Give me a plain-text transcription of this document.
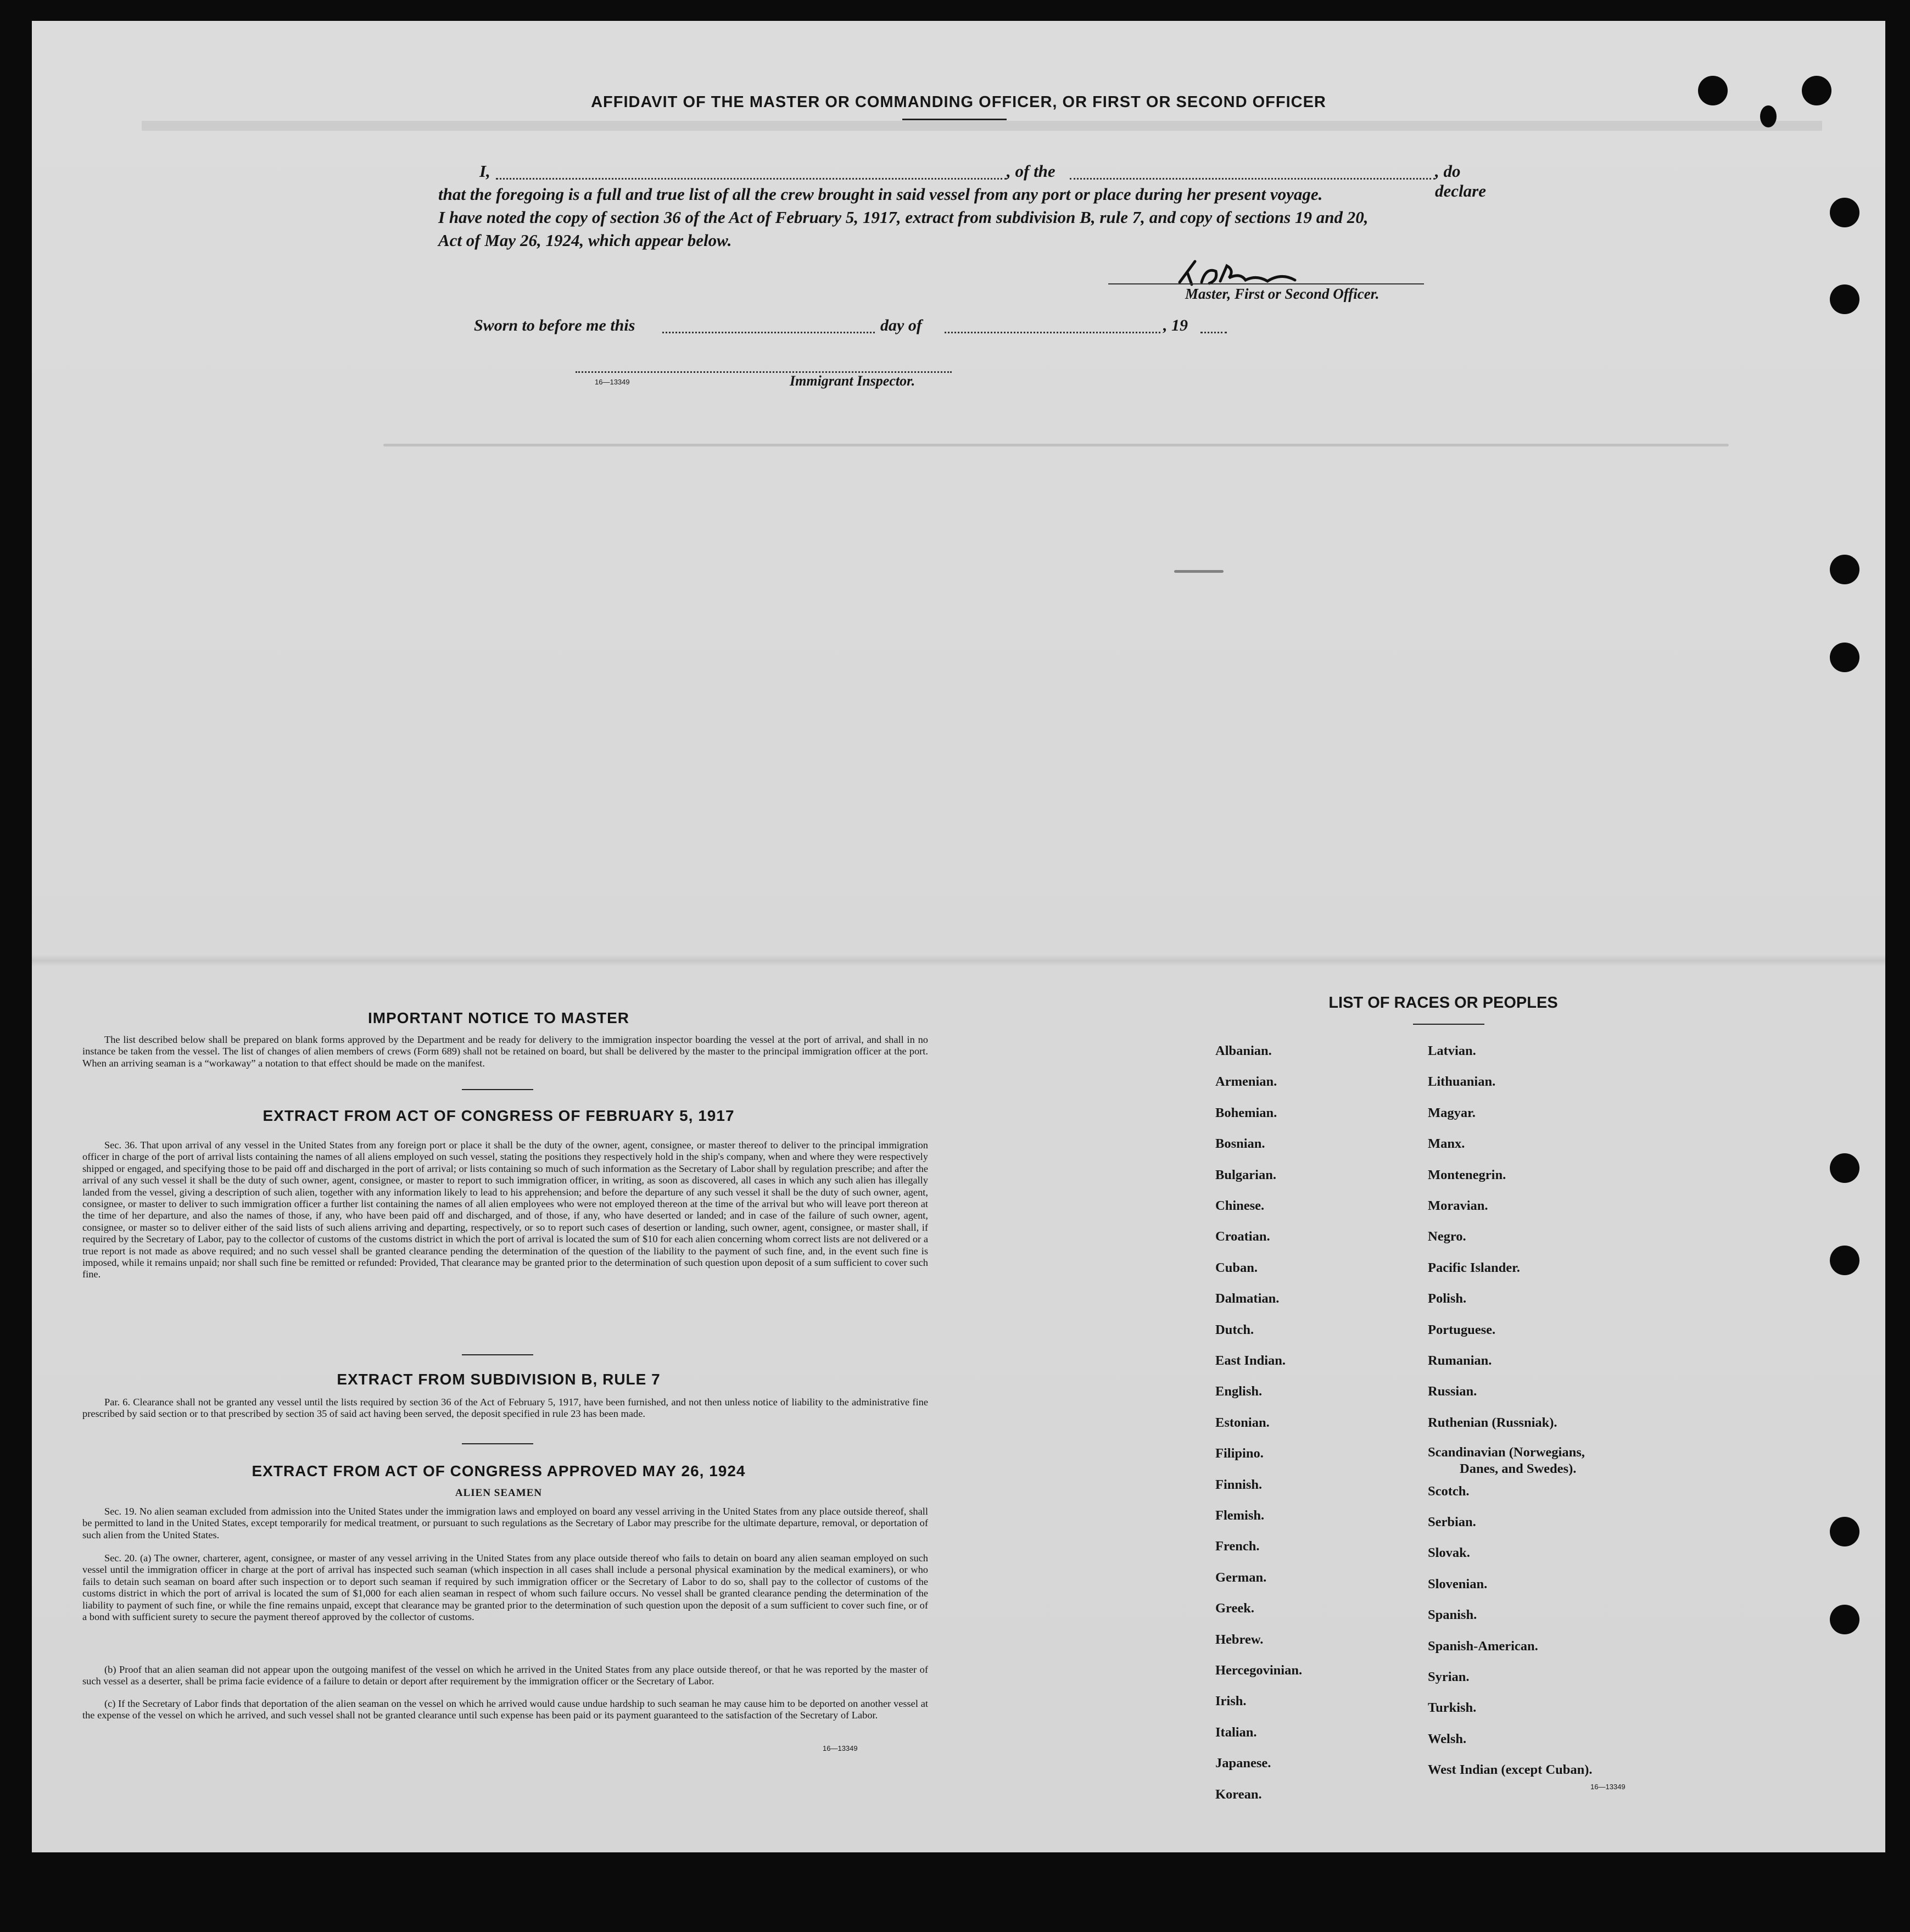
AFFIDAVIT OF THE MASTER OR COMMANDING OFFICER, OR FIRST OR SECOND OFFICER
I,	, of the	, do declare
that the foregoing is a full and true list of all the crew brought in said vessel from any port or place during her present voyage.
I have noted the copy of section 36 of the Act of February 5, 1917, extract from subdivision B, rule 7, and copy of sections 19 and 20,
Act of May 26, 1924, which appear below.
Master, First or Second Officer.
Sworn to before me this	day of	, 19
16—13349	Immigrant Inspector.
IMPORTANT NOTICE TO MASTER
The list described below shall be prepared on blank forms approved by the Department and be ready for delivery to the immigration inspector boarding the vessel at the port of arrival, and shall in no instance be taken from the vessel. The list of changes of alien members of crews (Form 689) shall not be retained on board, but shall be delivered by the master to the principal immigration officer at the port. When an arriving seaman is a “workaway” a notation to that effect should be made on the manifest.
EXTRACT FROM ACT OF CONGRESS OF FEBRUARY 5, 1917
Sec. 36. That upon arrival of any vessel in the United States from any foreign port or place it shall be the duty of the owner, agent, consignee, or master thereof to deliver to the principal immigration officer in charge of the port of arrival lists containing the names of all aliens employed on such vessel, stating the positions they respectively hold in the ship's company, when and where they were respectively shipped or engaged, and specifying those to be paid off and discharged in the port of arrival; or lists containing so much of such information as the Secretary of Labor shall by regulation prescribe; and after the arrival of any such vessel it shall be the duty of such owner, agent, consignee, or master to report to such immigration officer, in writing, as soon as discovered, all cases in which any such alien has illegally landed from the vessel, giving a description of such alien, together with any information likely to lead to his apprehension; and before the departure of any such vessel it shall be the duty of such owner, agent, consignee, or master to deliver to such immigration officer a further list containing the names of all alien employees who were not employed thereon at the time of the arrival but who will leave port thereon at the time of her departure, and also the names of those, if any, who have been paid off and discharged, and of those, if any, who have deserted or landed; and in case of the failure of such owner, agent, consignee, or master so to deliver either of the said lists of such aliens arriving and departing, respectively, or so to report such cases of desertion or landing, such owner, agent, consignee, or master shall, if required by the Secretary of Labor, pay to the collector of customs of the customs district in which the port of arrival is located the sum of $10 for each alien concerning whom correct lists are not delivered or a true report is not made as above required; and no such vessel shall be granted clearance pending the determination of the question of the liability to the payment of such fine, and, in the event such fine is imposed, while it remains unpaid; nor shall such fine be remitted or refunded: Provided, That clearance may be granted prior to the determination of such question upon deposit of a sum sufficient to cover such fine.
EXTRACT FROM SUBDIVISION B, RULE 7
Par. 6. Clearance shall not be granted any vessel until the lists required by section 36 of the Act of February 5, 1917, have been furnished, and not then unless notice of liability to the administrative fine prescribed by said section or to that prescribed by section 35 of said act having been served, the deposit specified in rule 23 has been made.
EXTRACT FROM ACT OF CONGRESS APPROVED MAY 26, 1924
ALIEN SEAMEN
Sec. 19. No alien seaman excluded from admission into the United States under the immigration laws and employed on board any vessel arriving in the United States from any place outside thereof, shall be permitted to land in the United States, except temporarily for medical treatment, or pursuant to such regulations as the Secretary of Labor may prescribe for the ultimate departure, removal, or deportation of such alien from the United States.
Sec. 20. (a) The owner, charterer, agent, consignee, or master of any vessel arriving in the United States from any place outside thereof who fails to detain on board any alien seaman employed on such vessel until the immigration officer in charge at the port of arrival has inspected such seaman (which inspection in all cases shall include a personal physical examination by the medical examiners), or who fails to detain such seaman on board after such inspection or to deport such seaman if required by such immigration officer or the Secretary of Labor to do so, shall pay to the collector of customs of the customs district in which the port of arrival is located the sum of $1,000 for each alien seaman in respect of whom such failure occurs. No vessel shall be granted clearance pending the determination of the liability to payment of such fine, or while the fine remains unpaid, except that clearance may be granted prior to the determination of such question upon the deposit of a sum sufficient to cover such fine, or of a bond with sufficient surety to secure the payment thereof approved by the collector of customs.
(b) Proof that an alien seaman did not appear upon the outgoing manifest of the vessel on which he arrived in the United States from any place outside thereof, or that he was reported by the master of such vessel as a deserter, shall be prima facie evidence of a failure to detain or deport after requirement by the immigration officer or the Secretary of Labor.
(c) If the Secretary of Labor finds that deportation of the alien seaman on the vessel on which he arrived would cause undue hardship to such seaman he may cause him to be deported on another vessel at the expense of the vessel on which he arrived, and such vessel shall not be granted clearance until such expense has been paid or its payment guaranteed to the satisfaction of the Secretary of Labor.
16—13349
LIST OF RACES OR PEOPLES
16—13349
Albanian.
Armenian.
Bohemian.
Bosnian.
Bulgarian.
Chinese.
Croatian.
Cuban.
Dalmatian.
Dutch.
East Indian.
English.
Estonian.
Filipino.
Finnish.
Flemish.
French.
German.
Greek.
Hebrew.
Hercegovinian.
Irish.
Italian.
Japanese.
Korean.
Latvian.
Lithuanian.
Magyar.
Manx.
Montenegrin.
Moravian.
Negro.
Pacific Islander.
Polish.
Portuguese.
Rumanian.
Russian.
Ruthenian (Russniak).
Scandinavian (Norwegians,
Danes, and Swedes).
Scotch.
Serbian.
Slovak.
Slovenian.
Spanish.
Spanish-American.
Syrian.
Turkish.
Welsh.
West Indian (except Cuban).
